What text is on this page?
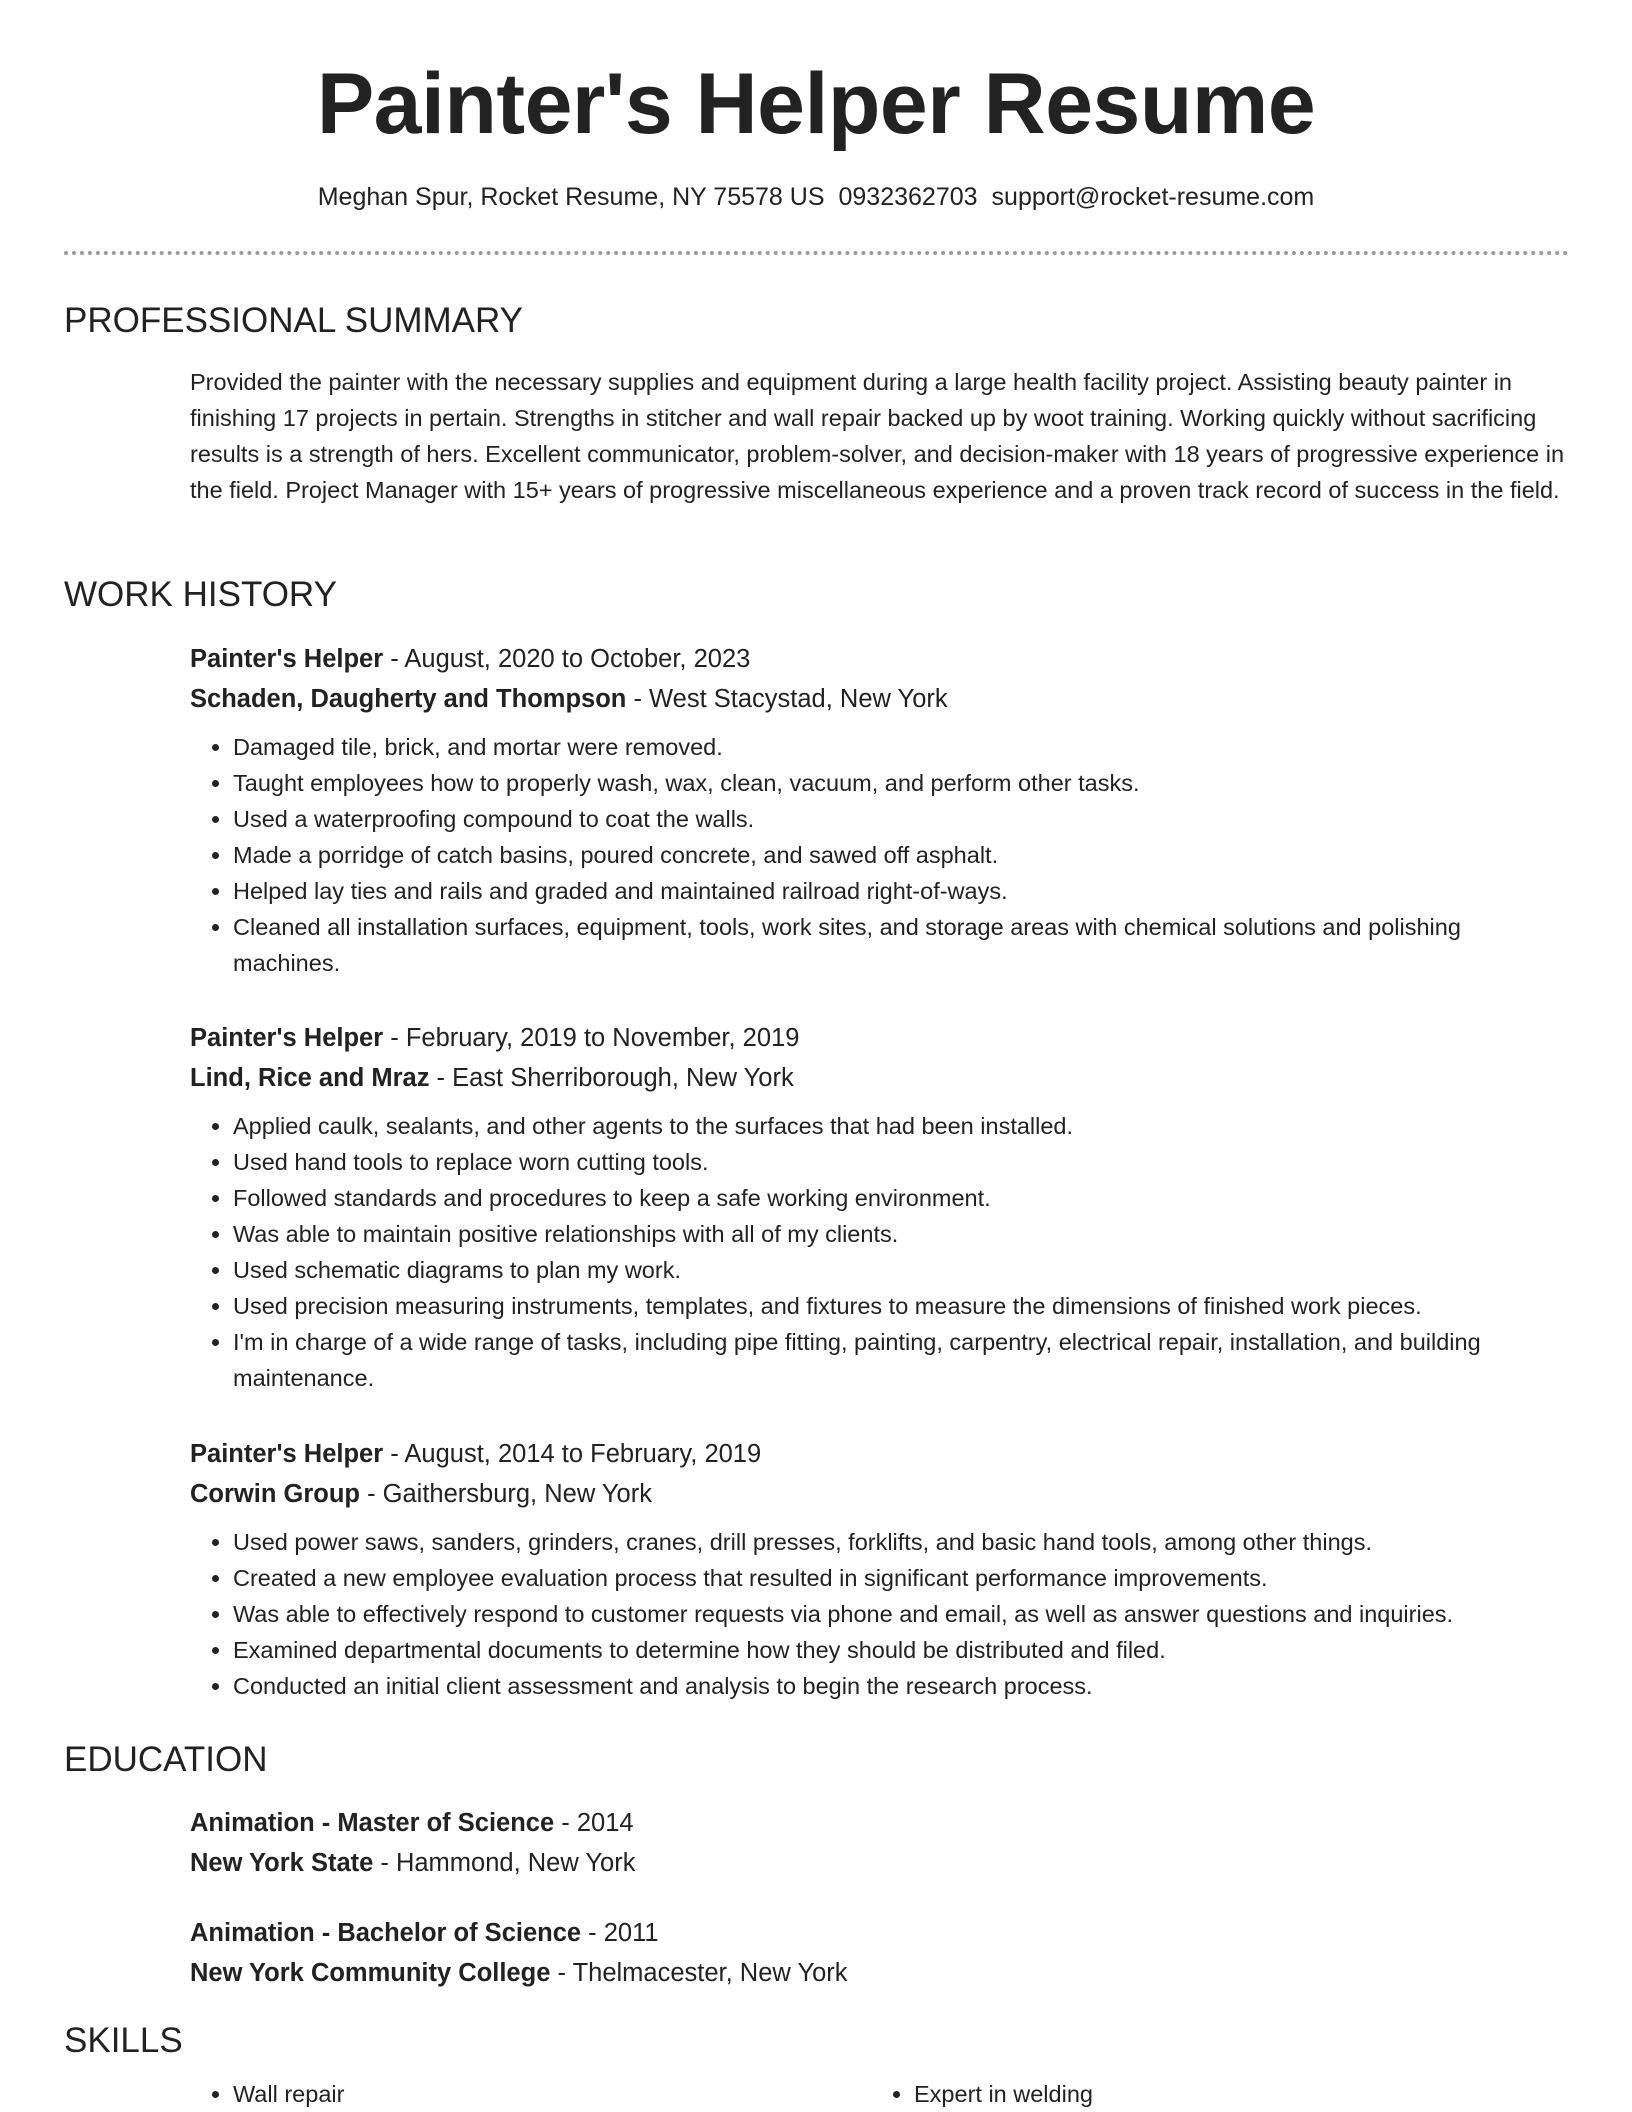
Painter's Helper Resume
Meghan Spur, Rocket Resume, NY 75578 US 0932362703 support@rocket-resume.com
PROFESSIONAL SUMMARY

Provided the painter with the necessary supplies and equipment during a large health facility project. Assisting beauty painter in finishing 17 projects in pertain. Strengths in stitcher and wall repair backed up by woot training. Working quickly without sacrificing results is a strength of hers. Excellent communicator, problem-solver, and decision-maker with 18 years of progressive experience in the field. Project Manager with 15+ years of progressive miscellaneous experience and a proven track record of success in the field.

WORK HISTORY
Painter's Helper - August, 2020 to October, 2023
Schaden, Daugherty and Thompson - West Stacystad, New York
• Damaged tile, brick, and mortar were removed.
• Taught employees how to properly wash, wax, clean, vacuum, and perform other tasks.
• Used a waterproofing compound to coat the walls.
• Made a porridge of catch basins, poured concrete, and sawed off asphalt.
• Helped lay ties and rails and graded and maintained railroad right-of-ways.
• Cleaned all installation surfaces, equipment, tools, work sites, and storage areas with chemical solutions and polishing machines.
Painter's Helper - February, 2019 to November, 2019
Lind, Rice and Mraz - East Sherriborough, New York
• Applied caulk, sealants, and other agents to the surfaces that had been installed.
• Used hand tools to replace worn cutting tools.
• Followed standards and procedures to keep a safe working environment.
• Was able to maintain positive relationships with all of my clients.
• Used schematic diagrams to plan my work.
• Used precision measuring instruments, templates, and fixtures to measure the dimensions of finished work pieces.
• I'm in charge of a wide range of tasks, including pipe fitting, painting, carpentry, electrical repair, installation, and building maintenance.
Painter's Helper - August, 2014 to February, 2019
Corwin Group - Gaithersburg, New York
• Used power saws, sanders, grinders, cranes, drill presses, forklifts, and basic hand tools, among other things.
• Created a new employee evaluation process that resulted in significant performance improvements.
• Was able to effectively respond to customer requests via phone and email, as well as answer questions and inquiries.
• Examined departmental documents to determine how they should be distributed and filed.
• Conducted an initial client assessment and analysis to begin the research process.
EDUCATION
Animation - Master of Science - 2014
New York State - Hammond, New York
Animation - Bachelor of Science - 2011
New York Community College - Thelmacester, New York
SKILLS
• Wall repair
•	Expert in welding
